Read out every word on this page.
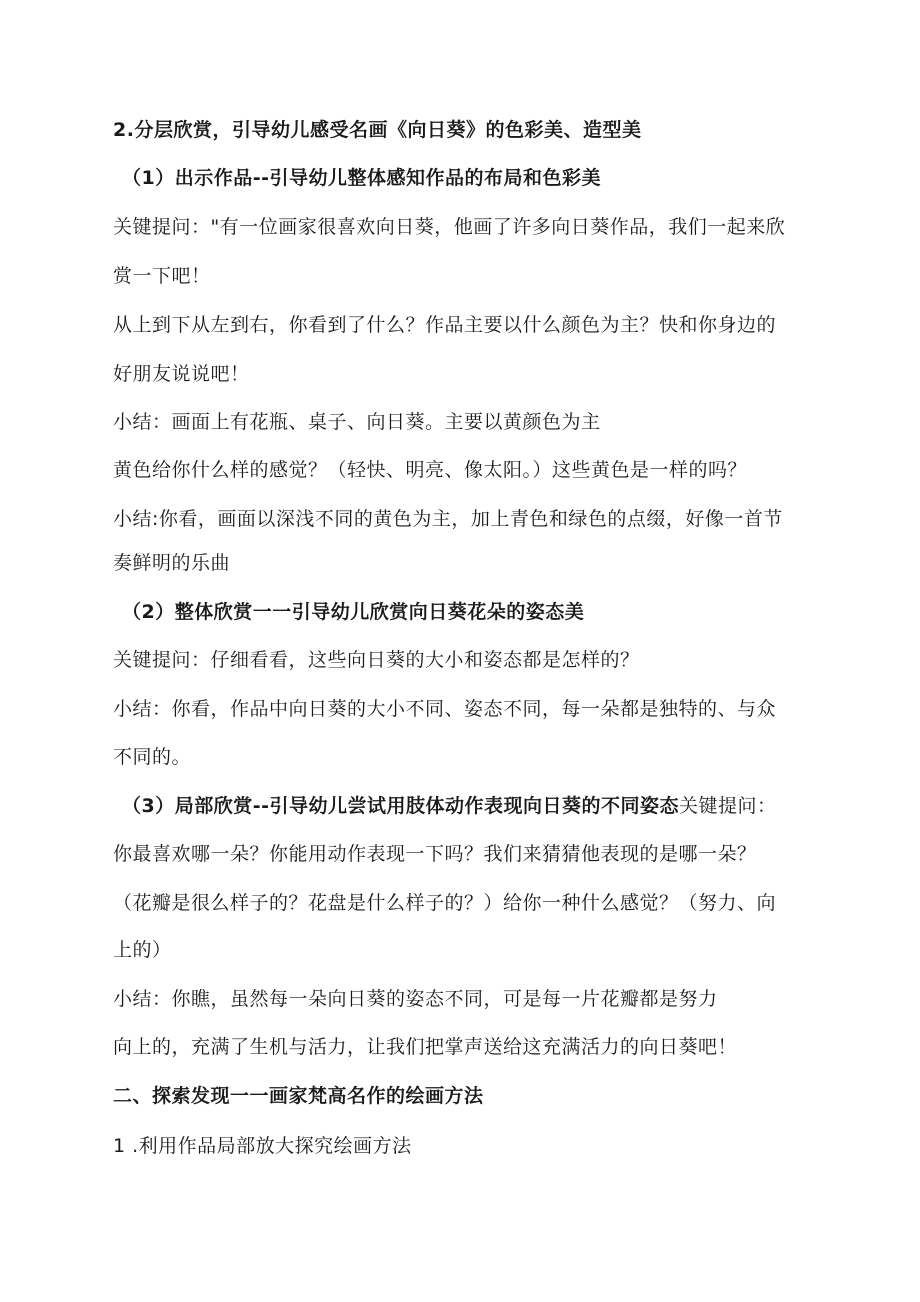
2.分层欣赏，引导幼儿感受名画《向日葵》的色彩美、造型美
（1）出示作品--引导幼儿整体感知作品的布局和色彩美
关键提问："有一位画家很喜欢向日葵，他画了许多向日葵作品，我们一起来欣
赏一下吧！
从上到下从左到右，你看到了什么？作品主要以什么颜色为主？快和你身边的
好朋友说说吧！
小结：画面上有花瓶、桌子、向日葵。主要以黄颜色为主
黄色给你什么样的感觉？（轻快、明亮、像太阳。）这些黄色是一样的吗？
小结:你看，画面以深浅不同的黄色为主，加上青色和绿色的点缀，好像一首节
奏鲜明的乐曲
（2）整体欣赏一一引导幼儿欣赏向日葵花朵的姿态美
关键提问：仔细看看，这些向日葵的大小和姿态都是怎样的？
小结：你看，作品中向日葵的大小不同、姿态不同，每一朵都是独特的、与众
不同的。
（3）局部欣赏--引导幼儿尝试用肢体动作表现向日葵的不同姿态关键提问：
你最喜欢哪一朵？你能用动作表现一下吗？我们来猜猜他表现的是哪一朵？
（花瓣是很么样子的？花盘是什么样子的？）给你一种什么感觉？（努力、向
上的）
小结：你瞧，虽然每一朵向日葵的姿态不同，可是每一片花瓣都是努力
向上的，充满了生机与活力，让我们把掌声送给这充满活力的向日葵吧！
二、探索发现一一画家梵高名作的绘画方法
1 .利用作品局部放大探究绘画方法
